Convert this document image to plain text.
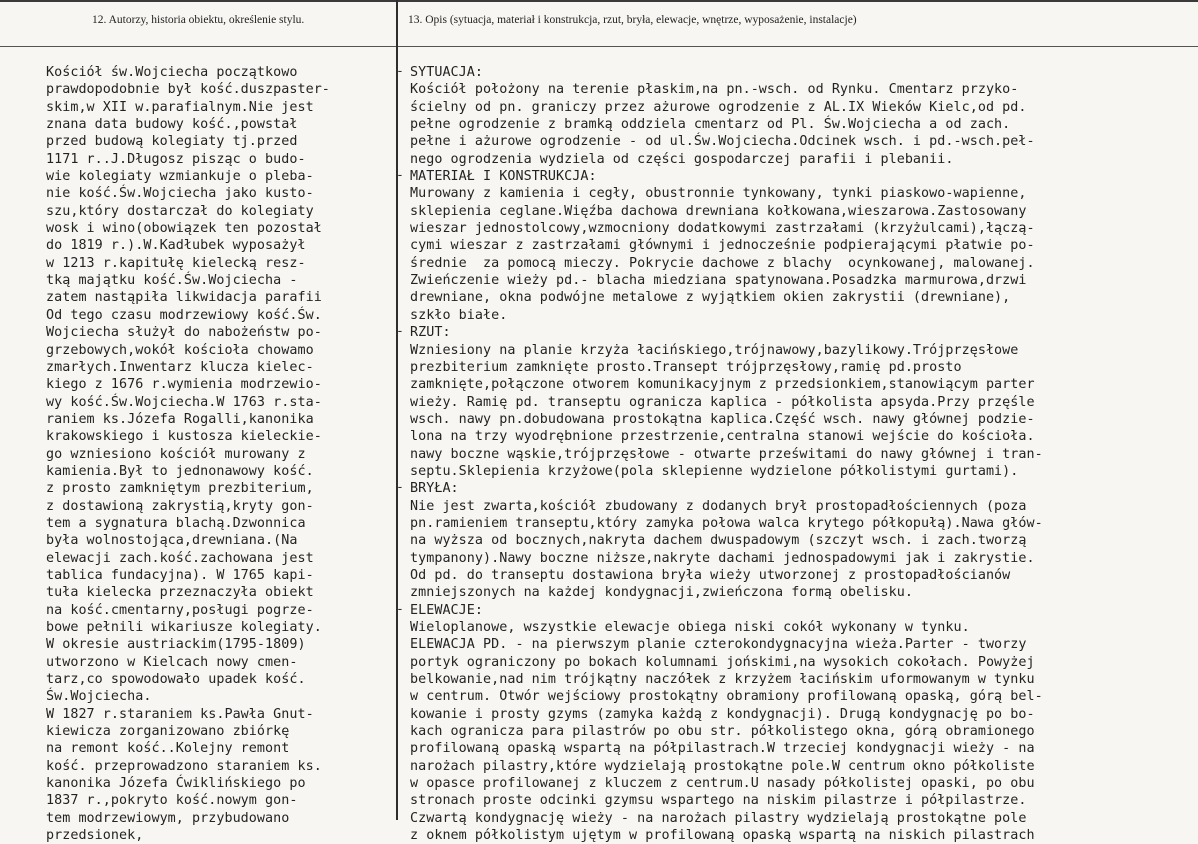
12. Autorzy, historia obiektu, określenie stylu.	13. Opis (sytuacja, materiał i konstrukcja, rzut, bryła, elewacje, wnętrze, wyposażenie, instalacje)
Kościół św.Wojciecha początkowo
prawdopodobnie był kość.duszpaster-
skim,w XII w.parafialnym.Nie jest
znana data budowy kość.,powstał
przed budową kolegiaty tj.przed
1171 r..J.Długosz pisząc o budo-
wie kolegiaty wzmiankuje o pleba-
nie kość.Św.Wojciecha jako kusto-
szu,który dostarczał do kolegiaty
wosk i wino(obowiązek ten pozostał
do 1819 r.).W.Kadłubek wyposażył
w 1213 r.kapitułę kielecką resz-
tką majątku kość.Św.Wojciecha -
zatem nastąpiła likwidacja parafii
Od tego czasu modrzewiowy kość.Św.
Wojciecha służył do nabożeństw po-
grzebowych,wokół kościoła chowamo
zmarłych.Inwentarz klucza kielec-
kiego z 1676 r.wymienia modrzewio-
wy kość.Św.Wojciecha.W 1763 r.sta-
raniem ks.Józefa Rogalli,kanonika
krakowskiego i kustosza kieleckie-
go wzniesiono kościół murowany z
kamienia.Był to jednonawowy kość.
z prosto zamkniętym prezbiterium,
z dostawioną zakrystią,kryty gon-
tem a sygnatura blachą.Dzwonnica
była wolnostojąca,drewniana.(Na
elewacji zach.kość.zachowana jest
tablica fundacyjna). W 1765 kapi-
tuła kielecka przeznaczyła obiekt
na kość.cmentarny,posługi pogrze-
bowe pełnili wikariusze kolegiaty.
W okresie austriackim(1795-1809)
utworzono w Kielcach nowy cmen-
tarz,co spowodowało upadek kość.
Św.Wojciecha.
W 1827 r.staraniem ks.Pawła Gnut-
kiewicza zorganizowano zbiórkę
na remont kość..Kolejny remont
kość. przeprowadzono staraniem ks.
kanonika Józefa Ćwiklińskiego po
1837 r.,pokryto kość.nowym gon-
tem modrzewiowym, przybudowano
przedsionek,
SYTUACJA:
Kościół położony na terenie płaskim,na pn.-wsch. od Rynku. Cmentarz przyko-
ścielny od pn. graniczy przez ażurowe ogrodzenie z AL.IX Wieków Kielc,od pd.
pełne ogrodzenie z bramką oddziela cmentarz od Pl. Św.Wojciecha a od zach.
pełne i ażurowe ogrodzenie - od ul.Św.Wojciecha.Odcinek wsch. i pd.-wsch.peł-
nego ogrodzenia wydziela od części gospodarczej parafii i plebanii.
MATERIAŁ I KONSTRUKCJA:
Murowany z kamienia i cegły, obustronnie tynkowany, tynki piaskowo-wapienne,
sklepienia ceglane.Więźba dachowa drewniana kołkowana,wieszarowa.Zastosowany
wieszar jednostolcowy,wzmocniony dodatkowymi zastrzałami (krzyżulcami),łączą-
cymi wieszar z zastrzałami głównymi i jednocześnie podpierającymi płatwie po-
średnie  za pomocą mieczy. Pokrycie dachowe z blachy  ocynkowanej, malowanej.
Zwieńczenie wieży pd.- blacha miedziana spatynowana.Posadzka marmurowa,drzwi
drewniane, okna podwójne metalowe z wyjątkiem okien zakrystii (drewniane),
szkło białe.
RZUT:
Wzniesiony na planie krzyża łacińskiego,trójnawowy,bazylikowy.Trójprzęsłowe
prezbiterium zamknięte prosto.Transept trójprzęsłowy,ramię pd.prosto
zamknięte,połączone otworem komunikacyjnym z przedsionkiem,stanowiącym parter
wieży. Ramię pd. transeptu ogranicza kaplica - półkolista apsyda.Przy przęśle
wsch. nawy pn.dobudowana prostokątna kaplica.Część wsch. nawy głównej podzie-
lona na trzy wyodrębnione przestrzenie,centralna stanowi wejście do kościoła.
nawy boczne wąskie,trójprzęsłowe - otwarte prześwitami do nawy głównej i tran-
septu.Sklepienia krzyżowe(pola sklepienne wydzielone półkolistymi gurtami).
BRYŁA:
Nie jest zwarta,kościół zbudowany z dodanych brył prostopadłościennych (poza
pn.ramieniem transeptu,który zamyka połowa walca krytego półkopułą).Nawa głów-
na wyższa od bocznych,nakryta dachem dwuspadowym (szczyt wsch. i zach.tworzą
tympanony).Nawy boczne niższe,nakryte dachami jednospadowymi jak i zakrystie.
Od pd. do transeptu dostawiona bryła wieży utworzonej z prostopadłościanów
zmniejszonych na każdej kondygnacji,zwieńczona formą obelisku.
ELEWACJE:
Wieloplanowe, wszystkie elewacje obiega niski cokół wykonany w tynku.
ELEWACJA PD. - na pierwszym planie czterokondygnacyjna wieża.Parter - tworzy
portyk ograniczony po bokach kolumnami jońskimi,na wysokich cokołach. Powyżej
belkowanie,nad nim trójkątny naczółek z krzyżem łacińskim uformowanym w tynku
w centrum. Otwór wejściowy prostokątny obramiony profilowaną opaską, górą bel-
kowanie i prosty gzyms (zamyka każdą z kondygnacji). Drugą kondygnację po bo-
kach ogranicza para pilastrów po obu str. półkolistego okna, górą obramionego
profilowaną opaską wspartą na półpilastrach.W trzeciej kondygnacji wieży - na
narożach pilastry,które wydzielają prostokątne pole.W centrum okno półkoliste
w opasce profilowanej z kluczem z centrum.U nasady półkolistej opaski, po obu
stronach proste odcinki gzymsu wspartego na niskim pilastrze i półpilastrze.
Czwartą kondygnację wieży - na narożach pilastry wydzielają prostokątne pole
z oknem półkolistym ujętym w profilowaną opaską wspartą na niskich pilastrach
-
-
-
-
-
